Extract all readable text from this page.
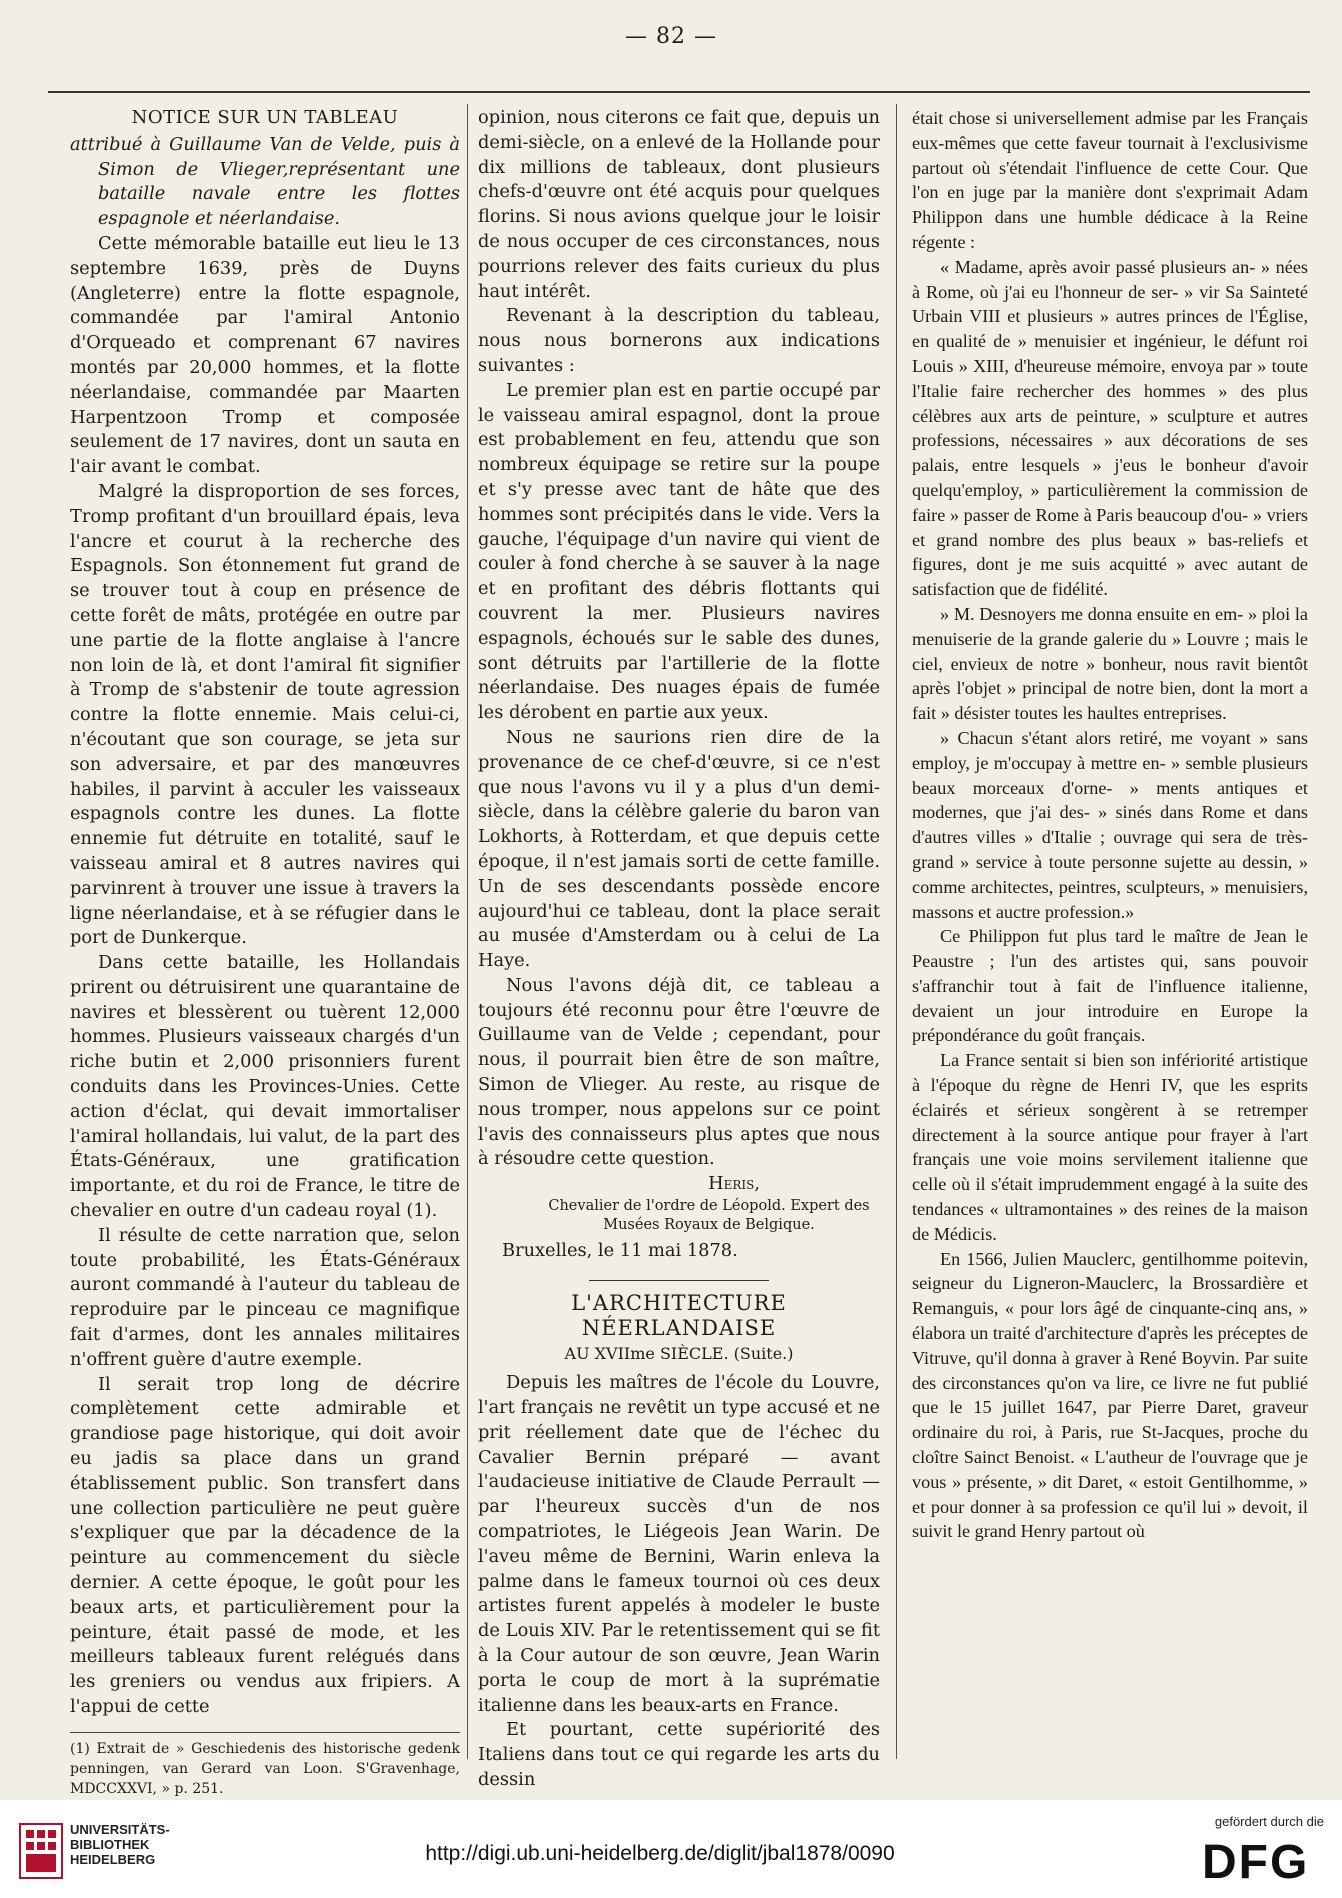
— 82 —
NOTICE SUR UN TABLEAU

attribué à Guillaume Van de Velde, puis à Simon de Vlieger,représentant une bataille navale entre les flottes espagnole et néerlandaise.

Cette mémorable bataille eut lieu le 13 septembre 1639, près de Duyns (Angleterre) entre la flotte espagnole, commandée par l'amiral Antonio d'Orqueado et comprenant 67 navires montés par 20,000 hommes, et la flotte néerlandaise, commandée par Maarten Harpentzoon Tromp et composée seulement de 17 navires, dont un sauta en l'air avant le combat.

Malgré la disproportion de ses forces, Tromp profitant d'un brouillard épais, leva l'ancre et courut à la recherche des Espagnols. Son étonnement fut grand de se trouver tout à coup en présence de cette forêt de mâts, protégée en outre par une partie de la flotte anglaise à l'ancre non loin de là, et dont l'amiral fit signifier à Tromp de s'abstenir de toute agression contre la flotte ennemie. Mais celui-ci, n'écoutant que son courage, se jeta sur son adversaire, et par des manœuvres habiles, il parvint à acculer les vaisseaux espagnols contre les dunes. La flotte ennemie fut détruite en totalité, sauf le vaisseau amiral et 8 autres navires qui parvinrent à trouver une issue à travers la ligne néerlandaise, et à se réfugier dans le port de Dunkerque.

Dans cette bataille, les Hollandais prirent ou détruisirent une quarantaine de navires et blessèrent ou tuèrent 12,000 hommes. Plusieurs vaisseaux chargés d'un riche butin et 2,000 prisonniers furent conduits dans les Provinces-Unies. Cette action d'éclat, qui devait immortaliser l'amiral hollandais, lui valut, de la part des États-Généraux, une gratification importante, et du roi de France, le titre de chevalier en outre d'un cadeau royal (1).

Il résulte de cette narration que, selon toute probabilité, les États-Généraux auront commandé à l'auteur du tableau de reproduire par le pinceau ce magnifique fait d'armes, dont les annales militaires n'offrent guère d'autre exemple.

Il serait trop long de décrire complètement cette admirable et grandiose page historique, qui doit avoir eu jadis sa place dans un grand établissement public. Son transfert dans une collection particulière ne peut guère s'expliquer que par la décadence de la peinture au commencement du siècle dernier. A cette époque, le goût pour les beaux arts, et particulièrement pour la peinture, était passé de mode, et les meilleurs tableaux furent relégués dans les greniers ou vendus aux fripiers. A l'appui de cette

(1) Extrait de » Geschiedenis des historische gedenk penningen, van Gerard van Loon. S'Gravenhage, MDCCXXVI, » p. 251.

opinion, nous citerons ce fait que, depuis un demi-siècle, on a enlevé de la Hollande pour dix millions de tableaux, dont plusieurs chefs-d'œuvre ont été acquis pour quelques florins. Si nous avions quelque jour le loisir de nous occuper de ces circonstances, nous pourrions relever des faits curieux du plus haut intérêt.

Revenant à la description du tableau, nous nous bornerons aux indications suivantes :

Le premier plan est en partie occupé par le vaisseau amiral espagnol, dont la proue est probablement en feu, attendu que son nombreux équipage se retire sur la poupe et s'y presse avec tant de hâte que des hommes sont précipités dans le vide. Vers la gauche, l'équipage d'un navire qui vient de couler à fond cherche à se sauver à la nage et en profitant des débris flottants qui couvrent la mer. Plusieurs navires espagnols, échoués sur le sable des dunes, sont détruits par l'artillerie de la flotte néerlandaise. Des nuages épais de fumée les dérobent en partie aux yeux.

Nous ne saurions rien dire de la provenance de ce chef-d'œuvre, si ce n'est que nous l'avons vu il y a plus d'un demi-siècle, dans la célèbre galerie du baron van Lokhorts, à Rotterdam, et que depuis cette époque, il n'est jamais sorti de cette famille. Un de ses descendants possède encore aujourd'hui ce tableau, dont la place serait au musée d'Amsterdam ou à celui de La Haye.

Nous l'avons déjà dit, ce tableau a toujours été reconnu pour être l'œuvre de Guillaume van de Velde ; cependant, pour nous, il pourrait bien être de son maître, Simon de Vlieger. Au reste, au risque de nous tromper, nous appelons sur ce point l'avis des connaisseurs plus aptes que nous à résoudre cette question.

Heris,

Chevalier de l'ordre de Léopold. Expert des Musées Royaux de Belgique.

Bruxelles, le 11 mai 1878.

L'ARCHITECTURE NÉERLANDAISE

AU XVIIme SIÈCLE. (Suite.)

Depuis les maîtres de l'école du Louvre, l'art français ne revêtit un type accusé et ne prit réellement date que de l'échec du Cavalier Bernin préparé — avant l'audacieuse initiative de Claude Perrault — par l'heureux succès d'un de nos compatriotes, le Liégeois Jean Warin. De l'aveu même de Bernini, Warin enleva la palme dans le fameux tournoi où ces deux artistes furent appelés à modeler le buste de Louis XIV. Par le retentissement qui se fit à la Cour autour de son œuvre, Jean Warin porta le coup de mort à la suprématie italienne dans les beaux-arts en France.

Et pourtant, cette supériorité des Italiens dans tout ce qui regarde les arts du dessin

était chose si universellement admise par les Français eux-mêmes que cette faveur tournait à l'exclusivisme partout où s'étendait l'influence de cette Cour. Que l'on en juge par la manière dont s'exprimait Adam Philippon dans une humble dédicace à la Reine régente :

« Madame, après avoir passé plusieurs an- » nées à Rome, où j'ai eu l'honneur de ser- » vir Sa Sainteté Urbain VIII et plusieurs » autres princes de l'Église, en qualité de » menuisier et ingénieur, le défunt roi Louis » XIII, d'heureuse mémoire, envoya par » toute l'Italie faire rechercher des hommes » des plus célèbres aux arts de peinture, » sculpture et autres professions, nécessaires » aux décorations de ses palais, entre lesquels » j'eus le bonheur d'avoir quelqu'employ, » particulièrement la commission de faire » passer de Rome à Paris beaucoup d'ou- » vriers et grand nombre des plus beaux » bas-reliefs et figures, dont je me suis acquitté » avec autant de satisfaction que de fidélité.

» M. Desnoyers me donna ensuite en em- » ploi la menuiserie de la grande galerie du » Louvre ; mais le ciel, envieux de notre » bonheur, nous ravit bientôt après l'objet » principal de notre bien, dont la mort a fait » désister toutes les haultes entreprises.

» Chacun s'étant alors retiré, me voyant » sans employ, je m'occupay à mettre en- » semble plusieurs beaux morceaux d'orne- » ments antiques et modernes, que j'ai des- » sinés dans Rome et dans d'autres villes » d'Italie ; ouvrage qui sera de très-grand » service à toute personne sujette au dessin, » comme architectes, peintres, sculpteurs, » menuisiers, massons et auctre profession.»

Ce Philippon fut plus tard le maître de Jean le Peaustre ; l'un des artistes qui, sans pouvoir s'affranchir tout à fait de l'influence italienne, devaient un jour introduire en Europe la prépondérance du goût français.

La France sentait si bien son infériorité artistique à l'époque du règne de Henri IV, que les esprits éclairés et sérieux songèrent à se retremper directement à la source antique pour frayer à l'art français une voie moins servilement italienne que celle où il s'était imprudemment engagé à la suite des tendances « ultramontaines » des reines de la maison de Médicis.

En 1566, Julien Mauclerc, gentilhomme poitevin, seigneur du Ligneron-Mauclerc, la Brossardière et Remanguis, « pour lors âgé de cinquante-cinq ans, » élabora un traité d'architecture d'après les préceptes de Vitruve, qu'il donna à graver à René Boyvin. Par suite des circonstances qu'on va lire, ce livre ne fut publié que le 15 juillet 1647, par Pierre Daret, graveur ordinaire du roi, à Paris, rue St-Jacques, proche du cloître Sainct Benoist. « L'autheur de l'ouvrage que je vous » présente, » dit Daret, « estoit Gentilhomme, » et pour donner à sa profession ce qu'il lui » devoit, il suivit le grand Henry partout où

UNIVERSITÄTS-
BIBLIOTHEK
HEIDELBERG	http://digi.ub.uni-heidelberg.de/diglit/jbal1878/0090
gefördert durch die
DFG
